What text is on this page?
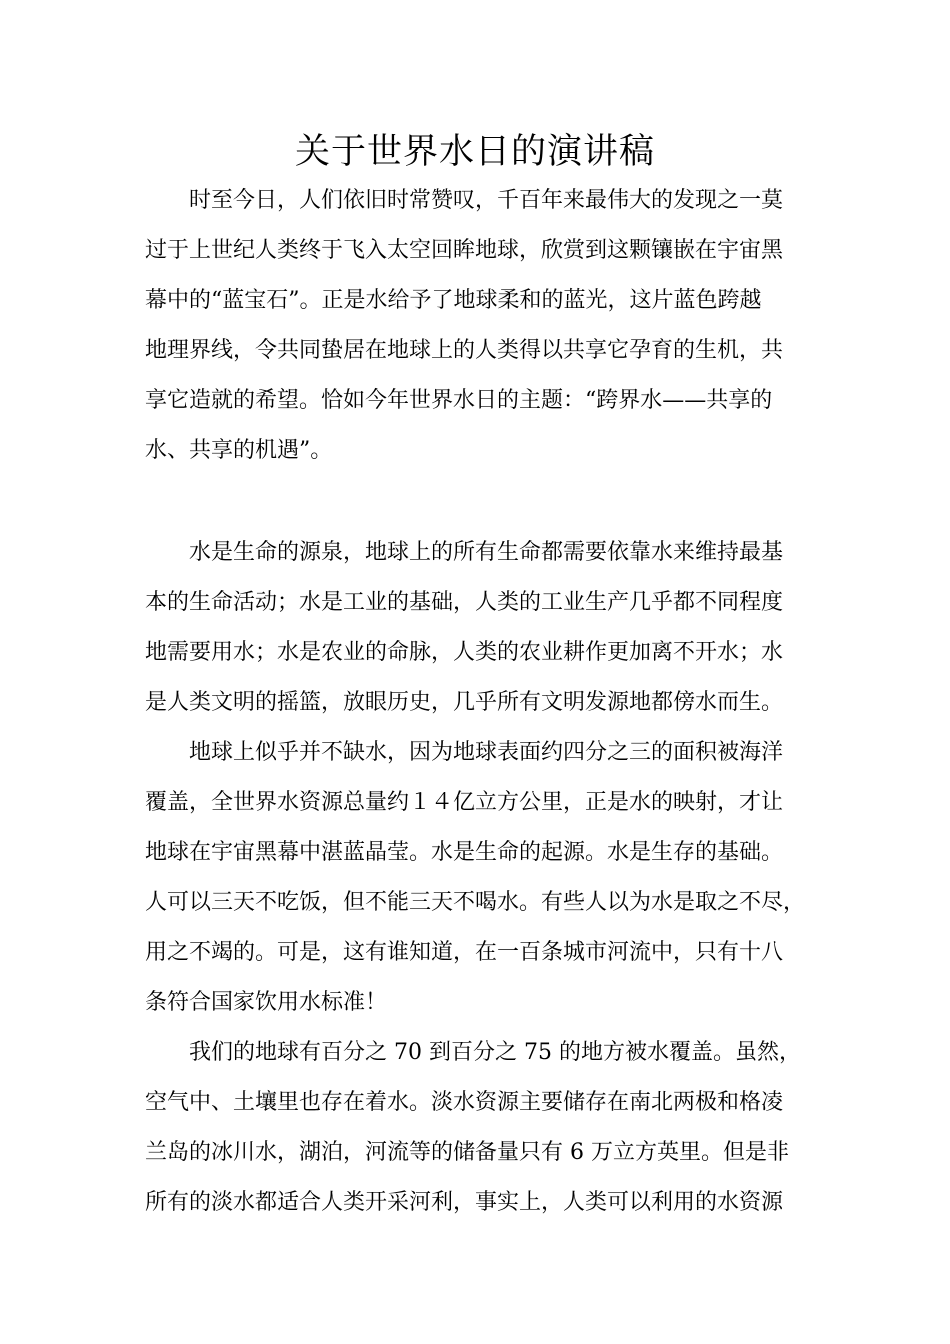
关于世界水日的演讲稿
时至今日，人们依旧时常赞叹，千百年来最伟大的发现之一莫
过于上世纪人类终于飞入太空回眸地球，欣赏到这颗镶嵌在宇宙黑
幕中的“蓝宝石”。正是水给予了地球柔和的蓝光，这片蓝色跨越
地理界线，令共同蛰居在地球上的人类得以共享它孕育的生机，共
享它造就的希望。恰如今年世界水日的主题：“跨界水——共享的
水、共享的机遇”。
水是生命的源泉，地球上的所有生命都需要依靠水来维持最基
本的生命活动；水是工业的基础，人类的工业生产几乎都不同程度
地需要用水；水是农业的命脉，人类的农业耕作更加离不开水；水
是人类文明的摇篮，放眼历史，几乎所有文明发源地都傍水而生。
地球上似乎并不缺水，因为地球表面约四分之三的面积被海洋
覆盖，全世界水资源总量约１４亿立方公里，正是水的映射，才让
地球在宇宙黑幕中湛蓝晶莹。水是生命的起源。水是生存的基础。
人可以三天不吃饭，但不能三天不喝水。有些人以为水是取之不尽，
用之不竭的。可是，这有谁知道，在一百条城市河流中，只有十八
条符合国家饮用水标准！
我们的地球有百分之 70 到百分之 75 的地方被水覆盖。虽然，
空气中、土壤里也存在着水。淡水资源主要储存在南北两极和格凌
兰岛的冰川水，湖泊，河流等的储备量只有 6 万立方英里。但是非
所有的淡水都适合人类开采河利，事实上，人类可以利用的水资源
